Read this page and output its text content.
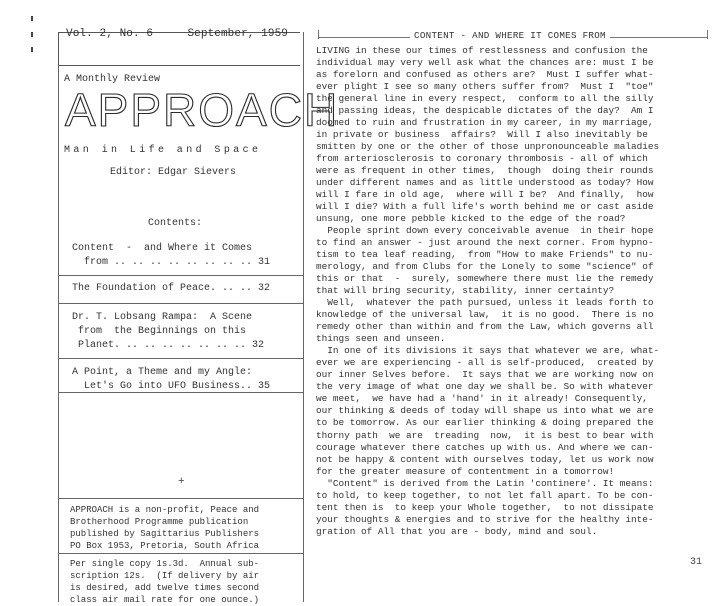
Vol. 2, No. 6	September, 1959
A Monthly Review
APPROACH
Man in Life and Space
Editor: Edgar Sievers
Contents:
Content  -  and Where it Comes
from .. .. .. .. .. .. .. .. 31
The Foundation of Peace. .. .. 32
Dr. T. Lobsang Rampa:  A Scene
from  the Beginnings on this
Planet. .. .. .. .. .. .. .. 32
A Point, a Theme and my Angle:
Let's Go into UFO Business.. 35
+
APPROACH is a non-profit, Peace and
Brotherhood Programme publication
published by Sagittarius Publishers
PO Box 1953, Pretoria, South Africa
Per single copy 1s.3d.  Annual sub-
scription 12s.  (If delivery by air
is desired, add twelve times second
class air mail rate for one ounce.)
CONTENT - AND WHERE IT COMES FROM
LIVING in these our times of restlessness and confusion the
individual may very well ask what the chances are: must I be
as forelorn and confused as others are?  Must I suffer what-
ever plight I see so many others suffer from?  Must I  "toe"
the general line in every respect,  conform to all the silly
and passing ideas, the despicable dictates of the day?  Am I
doomed to ruin and frustration in my career, in my marriage,
in private or business  affairs?  Will I also inevitably be
smitten by one or the other of those unpronounceable maladies
from arteriosclerosis to coronary thrombosis - all of which
were as frequent in other times,  though  doing their rounds
under different names and as little understood as today? How
will I fare in old age,  where will I be?  And finally,  how
will I die? With a full life's worth behind me or cast aside
unsung, one more pebble kicked to the edge of the road?
People sprint down every conceivable avenue  in their hope
to find an answer - just around the next corner. From hypno-
tism to tea leaf reading,  from "How to make Friends" to nu-
merology, and from Clubs for the Lonely to some "science" of
this or that  -  surely, somewhere there must lie the remedy
that will bring security, stability, inner certainty?
Well,  whatever the path pursued, unless it leads forth to
knowledge of the universal law,  it is no good.  There is no
remedy other than within and from the Law, which governs all
things seen and unseen.
In one of its divisions it says that whatever we are, what-
ever we are experiencing - all is self-produced,  created by
our inner Selves before.  It says that we are working now on
the very image of what one day we shall be. So with whatever
we meet,  we have had a 'hand' in it already! Consequently,
our thinking & deeds of today will shape us into what we are
to be tomorrow. As our earlier thinking & doing prepared the
thorny path  we are  treading  now,  it is best to bear with
courage whatever there catches up with us. And where we can-
not be happy & content with ourselves today, let us work now
for the greater measure of contentment in a tomorrow!
"Content" is derived from the Latin 'continere'. It means:
to hold, to keep together, to not let fall apart. To be con-
tent then is  to keep your Whole together,  to not dissipate
your thoughts & energies and to strive for the healthy inte-
gration of All that you are - body, mind and soul.
31
